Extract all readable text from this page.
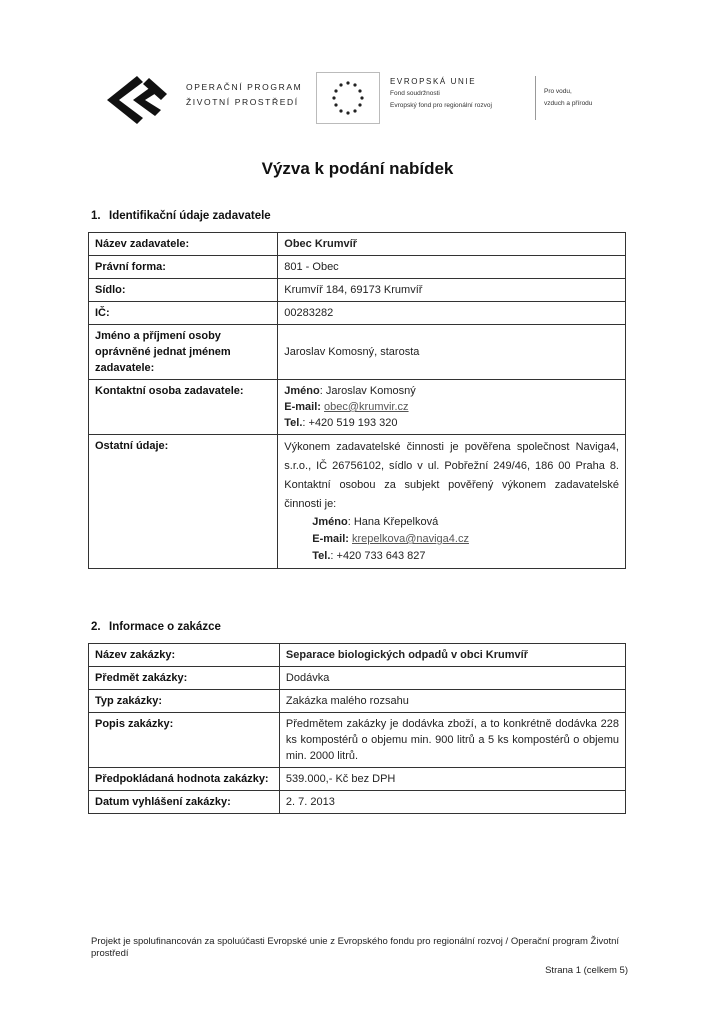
OPERAČNÍ PROGRAM
ŽIVOTNÍ PROSTŘEDÍ
EVROPSKÁ UNIE
Fond soudržnosti
Evropský fond pro regionální rozvoj
Pro vodu,
vzduch a přírodu
Výzva k podání nabídek
1. Identifikační údaje zadavatele
Název zadavatele:	Obec Krumvíř
Právní forma:	801 - Obec
Sídlo:	Krumvíř 184, 69173 Krumvíř
IČ:	00283282
Jméno a příjmení osoby oprávněné jednat jménem zadavatele:	Jaroslav Komosný, starosta
Kontaktní osoba zadavatele:	Jméno: Jaroslav Komosný
E-mail: obec@krumvir.cz
Tel.: +420 519 193 320

Ostatní údaje:	Výkonem zadavatelské činnosti je pověřena společnost Naviga4, s.r.o., IČ 26756102, sídlo v ul. Pobřežní 249/46, 186 00 Praha 8. Kontaktní osobou za subjekt pověřený výkonem zadavatelské činnosti je:
Jméno: Hana Křepelková
E-mail: krepelkova@naviga4.cz
Tel.: +420 733 643 827
2. Informace o zakázce
Název zakázky:	Separace biologických odpadů v obci Krumvíř
Předmět zakázky:	Dodávka
Typ zakázky:	Zakázka malého rozsahu
Popis zakázky:	Předmětem zakázky je dodávka zboží, a to konkrétně dodávka 228 ks kompostérů o objemu min. 900 litrů a 5 ks kompostérů o objemu min. 2000 litrů.
Předpokládaná hodnota zakázky:	539.000,- Kč bez DPH
Datum vyhlášení zakázky:	2. 7. 2013
Projekt je spolufinancován za spoluúčasti Evropské unie z Evropského fondu pro regionální rozvoj / Operační program Životní prostředí
Strana 1 (celkem 5)
